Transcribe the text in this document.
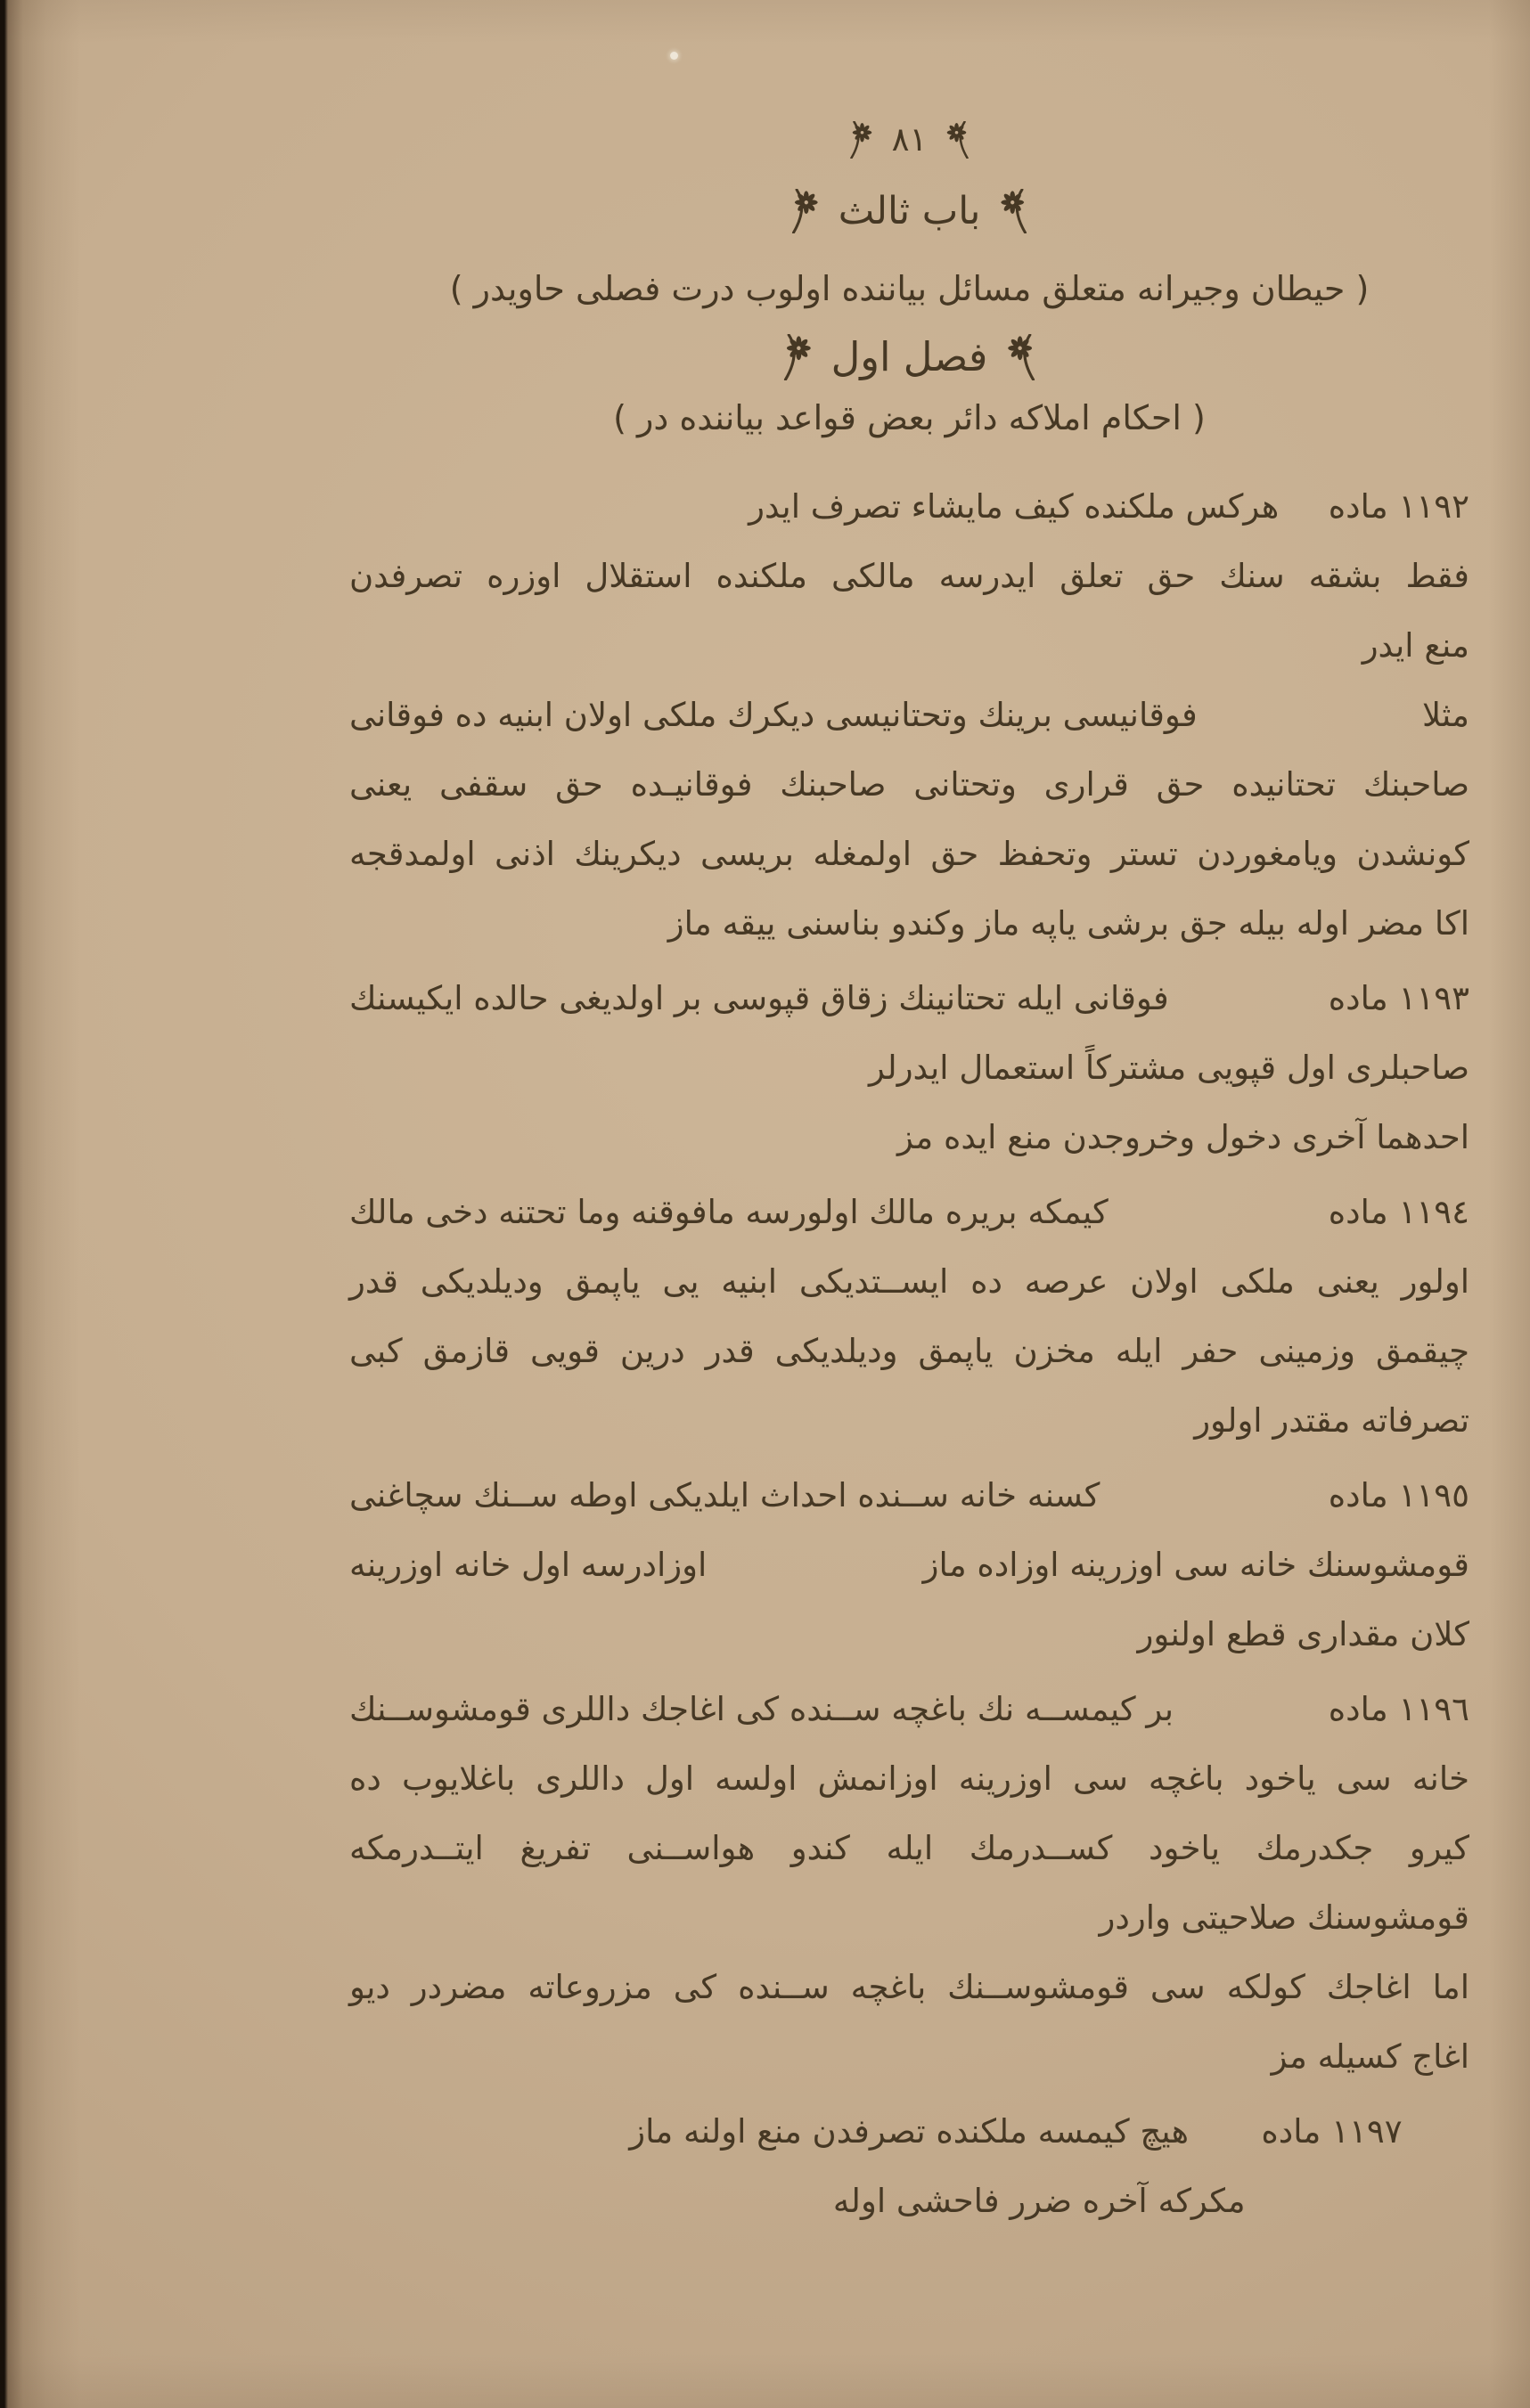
٨١
باب ثالث
( حيطان وجيرانه متعلق مسائل بياننده اولوب درت فصلى حاويدر )
فصل اول
( احكام املاكه دائر بعض قواعد بياننده در )
١١٩٢ ماده
هركس ملكنده كيف مايشاء تصرف ايدر
فقط بشقه سنك حق تعلق ايدرسه مالكى ملكنده استقلال اوزره تصرفدن
منع ايدر
مثلا
فوقانيسى برينك وتحتانيسى ديكرك ملكى اولان ابنيه ده فوقانى
صاحبنك تحتانيده حق قرارى وتحتانى صاحبنك فوقانيـده حق سقفى يعنى
كونشدن ويامغوردن تستر وتحفظ حق اولمغله بريسى ديكرينك اذنى اولمدقجه
اكا مضر اوله بيله جق برشى ياپه ماز وكندو بناسنى ييقه ماز
١١٩٣ ماده
فوقانى ايله تحتانينك زقاق قپوسى بر اولديغى حالده ايكيسنك
صاحبلرى اول قپويى مشتركاً استعمال ايدرلر
احدهما آخرى دخول وخروجدن منع ايده مز
١١٩٤ ماده
كيمكه بريره مالك اولورسه مافوقنه وما تحتنه دخى مالك
اولور يعنى ملكى اولان عرصه ده ايســتديكى ابنيه يى ياپمق وديلديكى قدر
چيقمق وزمينى حفر ايله مخزن ياپمق وديلديكى قدر درين قويى قازمق كبى
تصرفاته مقتدر اولور
١١٩٥ ماده
كسنه خانه ســنده احداث ايلديكى اوطه ســنك سچاغنى
قومشوسنك خانه سى اوزرينه اوزاده ماز
اوزادرسه اول خانه اوزرينه
كلان مقدارى قطع اولنور
١١٩٦ ماده
بر كيمســه نك باغچه ســنده كى اغاجك داللرى قومشوســنك
خانه سى ياخود باغچه سى اوزرينه اوزانمش اولسه اول داللرى باغلايوب ده
كيرو جكدرمك ياخود كســدرمك ايله كندو هواســنى تفريغ ايتــدرمكه
قومشوسنك صلاحيتى واردر
اما اغاجك كولكه سى قومشوســنك باغچه ســنده كى مزروعاته مضردر ديو
اغاج كسيله مز
١١٩٧ ماده
هيچ كيمسه ملكنده تصرفدن منع اولنه ماز
مكركه آخره ضرر فاحشى اوله
